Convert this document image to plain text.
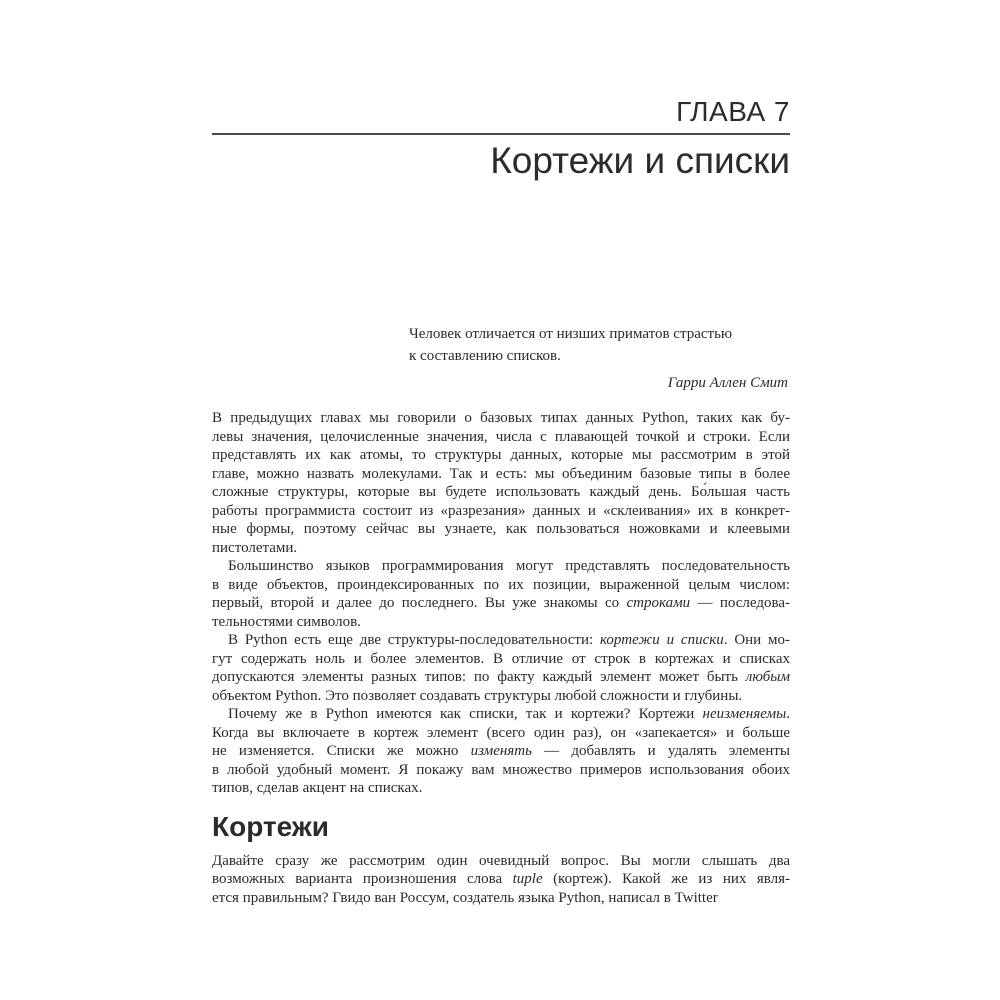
ГЛАВА 7
Кортежи и списки
Человек отличается от низших приматов страстью
к составлению списков.
Гарри Аллен Смит
В предыдущих главах мы говорили о базовых типах данных Python, таких как бу-
левы значения, целочисленные значения, числа с плавающей точкой и строки. Если
представлять их как атомы, то структуры данных, которые мы рассмотрим в этой
главе, можно назвать молекулами. Так и есть: мы объединим базовые типы в более
сложные структуры, которые вы будете использовать каждый день. Бо́льшая часть
работы программиста состоит из «разрезания» данных и «склеивания» их в конкрет-
ные формы, поэтому сейчас вы узнаете, как пользоваться ножовками и клеевыми
пистолетами.
Большинство языков программирования могут представлять последовательность
в виде объектов, проиндексированных по их позиции, выраженной целым числом:
первый, второй и далее до последнего. Вы уже знакомы со строками — последова-
тельностями символов.
В Python есть еще две структуры-последовательности: кортежи и списки. Они мо-
гут содержать ноль и более элементов. В отличие от строк в кортежах и списках
допускаются элементы разных типов: по факту каждый элемент может быть любым
объектом Python. Это позволяет создавать структуры любой сложности и глубины.
Почему же в Python имеются как списки, так и кортежи? Кортежи неизменяемы.
Когда вы включаете в кортеж элемент (всего один раз), он «запекается» и больше
не изменяется. Списки же можно изменять — добавлять и удалять элементы
в любой удобный момент. Я покажу вам множество примеров использования обоих
типов, сделав акцент на списках.
Кортежи
Давайте сразу же рассмотрим один очевидный вопрос. Вы могли слышать два
возможных варианта произношения слова tuple (кортеж). Какой же из них явля-
ется правильным? Гвидо ван Россум, создатель языка Python, написал в Twitter
